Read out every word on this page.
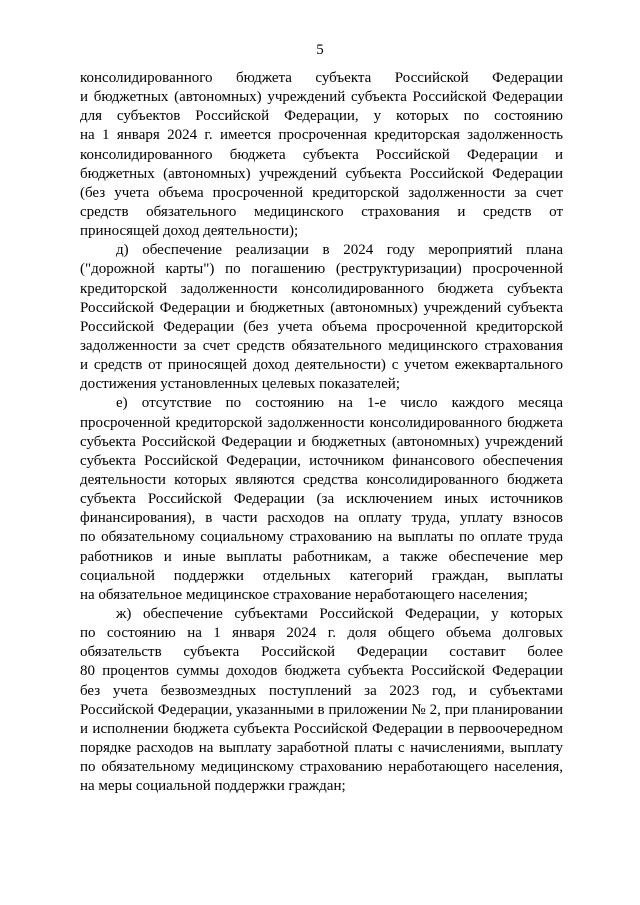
5
консолидированного бюджета субъекта Российской Федерации
и бюджетных (автономных) учреждений субъекта Российской Федерации
для субъектов Российской Федерации, у которых по состоянию
на 1 января 2024 г. имеется просроченная кредиторская задолженность
консолидированного бюджета субъекта Российской Федерации и
бюджетных (автономных) учреждений субъекта Российской Федерации
(без учета объема просроченной кредиторской задолженности за счет
средств обязательного медицинского страхования и средств от
приносящей доход деятельности);
д) обеспечение реализации в 2024 году мероприятий плана
("дорожной карты") по погашению (реструктуризации) просроченной
кредиторской задолженности консолидированного бюджета субъекта
Российской Федерации и бюджетных (автономных) учреждений субъекта
Российской Федерации (без учета объема просроченной кредиторской
задолженности за счет средств обязательного медицинского страхования
и средств от приносящей доход деятельности) с учетом ежеквартального
достижения установленных целевых показателей;
е) отсутствие по состоянию на 1-е число каждого месяца
просроченной кредиторской задолженности консолидированного бюджета
субъекта Российской Федерации и бюджетных (автономных) учреждений
субъекта Российской Федерации, источником финансового обеспечения
деятельности которых являются средства консолидированного бюджета
субъекта Российской Федерации (за исключением иных источников
финансирования), в части расходов на оплату труда, уплату взносов
по обязательному социальному страхованию на выплаты по оплате труда
работников и иные выплаты работникам, а также обеспечение мер
социальной поддержки отдельных категорий граждан, выплаты
на обязательное медицинское страхование неработающего населения;
ж) обеспечение субъектами Российской Федерации, у которых
по состоянию на 1 января 2024 г. доля общего объема долговых
обязательств субъекта Российской Федерации составит более
80 процентов суммы доходов бюджета субъекта Российской Федерации
без учета безвозмездных поступлений за 2023 год, и субъектами
Российской Федерации, указанными в приложении № 2, при планировании
и исполнении бюджета субъекта Российской Федерации в первоочередном
порядке расходов на выплату заработной платы с начислениями, выплату
по обязательному медицинскому страхованию неработающего населения,
на меры социальной поддержки граждан;
